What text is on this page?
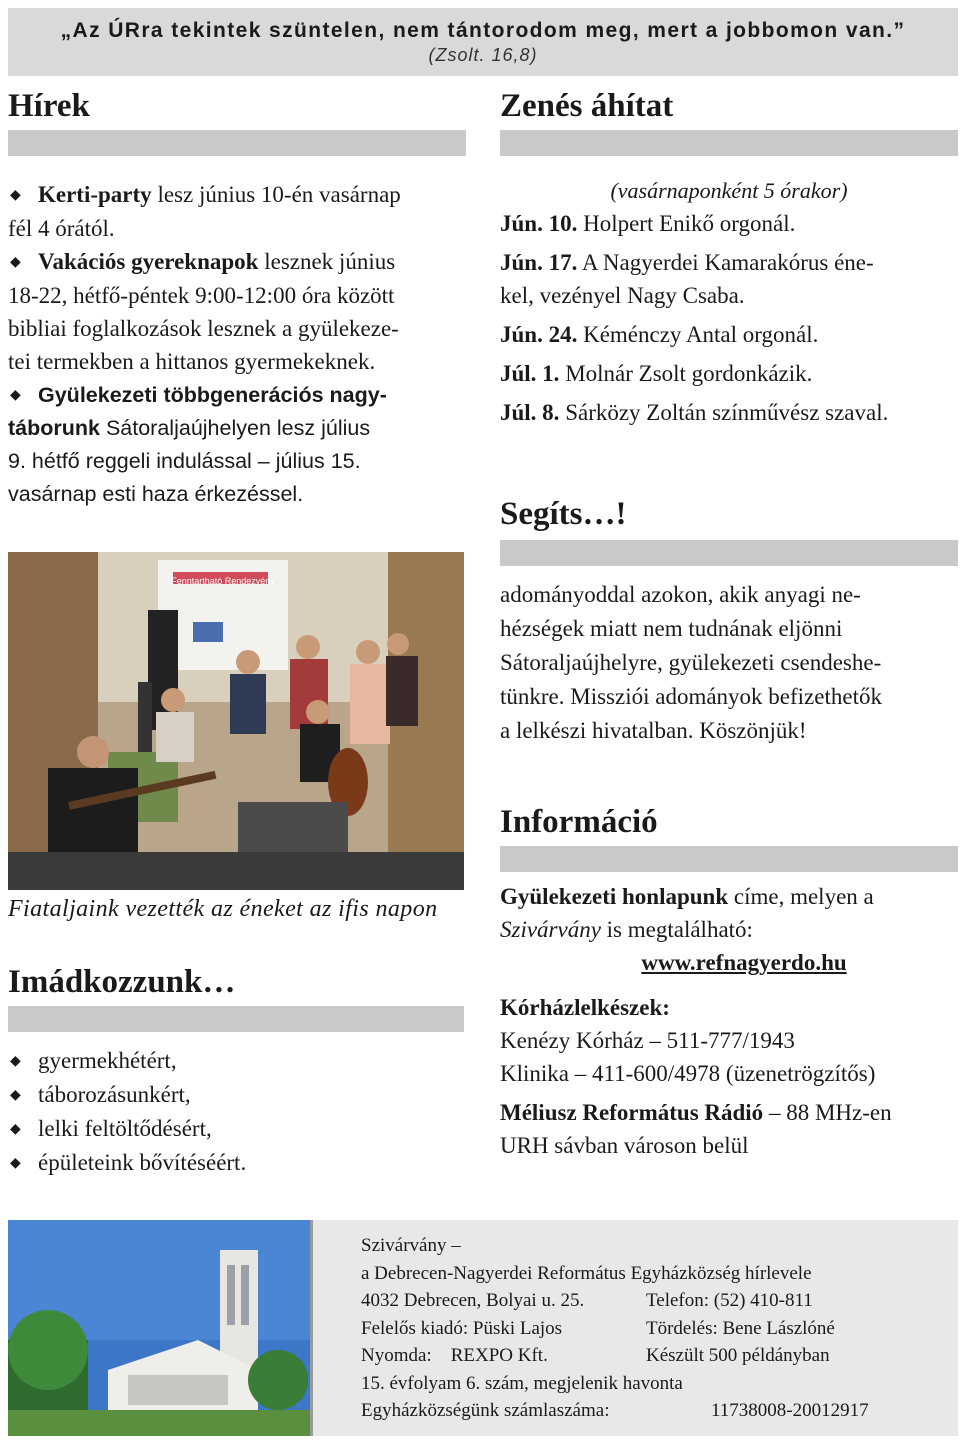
„Az ÚRra tekintek szüntelen, nem tántorodom meg, mert a jobbomon van.”
(Zsolt. 16,8)
Hírek
◆ Kerti-party lesz június 10-én vasárnap
fél 4 órától.
◆ Vakációs gyereknapok lesznek június
18-22, hétfő-péntek 9:00-12:00 óra között
bibliai foglalkozások lesznek a gyülekeze-
tei termekben a hittanos gyermekeknek.
◆ Gyülekezeti többgenerációs nagy-
táborunk Sátoraljaújhelyen lesz július
9. hétfő reggeli indulással – július 15.
vasárnap esti haza érkezéssel.
Fenntartható Rendezvény
Fiataljaink vezették az éneket az ifis napon
Imádkozzunk…
◆ gyermekhétért,
◆ táborozásunkért,
◆ lelki feltöltődésért,
◆ épületeink bővítéséért.
Zenés áhítat
(vasárnaponként 5 órakor)
Jún. 10. Holpert Enikő orgonál.
Jún. 17. A Nagyerdei Kamarakórus éne-
kel, vezényel Nagy Csaba.
Jún. 24. Kéménczy Antal orgonál.
Júl. 1. Molnár Zsolt gordonkázik.
Júl. 8. Sárközy Zoltán színművész szaval.
Segíts…!
adományoddal azokon, akik anyagi ne-
hézségek miatt nem tudnának eljönni
Sátoraljaújhelyre, gyülekezeti csendeshe-
tünkre. Missziói adományok befizethetők
a lelkészi hivatalban. Köszönjük!
Információ
Gyülekezeti honlapunk címe, melyen a
Szivárvány is megtalálható:
www.refnagyerdo.hu
Kórházlelkészek:
Kenézy Kórház – 511-777/1943
Klinika – 411-600/4978 (üzenetrögzítős)
Méliusz Református Rádió – 88 MHz-en
URH sávban városon belül
Szivárvány –
a Debrecen-Nagyerdei Református Egyházközség hírlevele
4032 Debrecen, Bolyai u. 25.	Telefon: (52) 410-811
Felelős kiadó: Püski Lajos	Tördelés: Bene Lászlóné
Nyomda:    REXPO Kft.	Készült 500 példányban
15. évfolyam 6. szám, megjelenik havonta
Egyházközségünk számlaszáma:	11738008-20012917
